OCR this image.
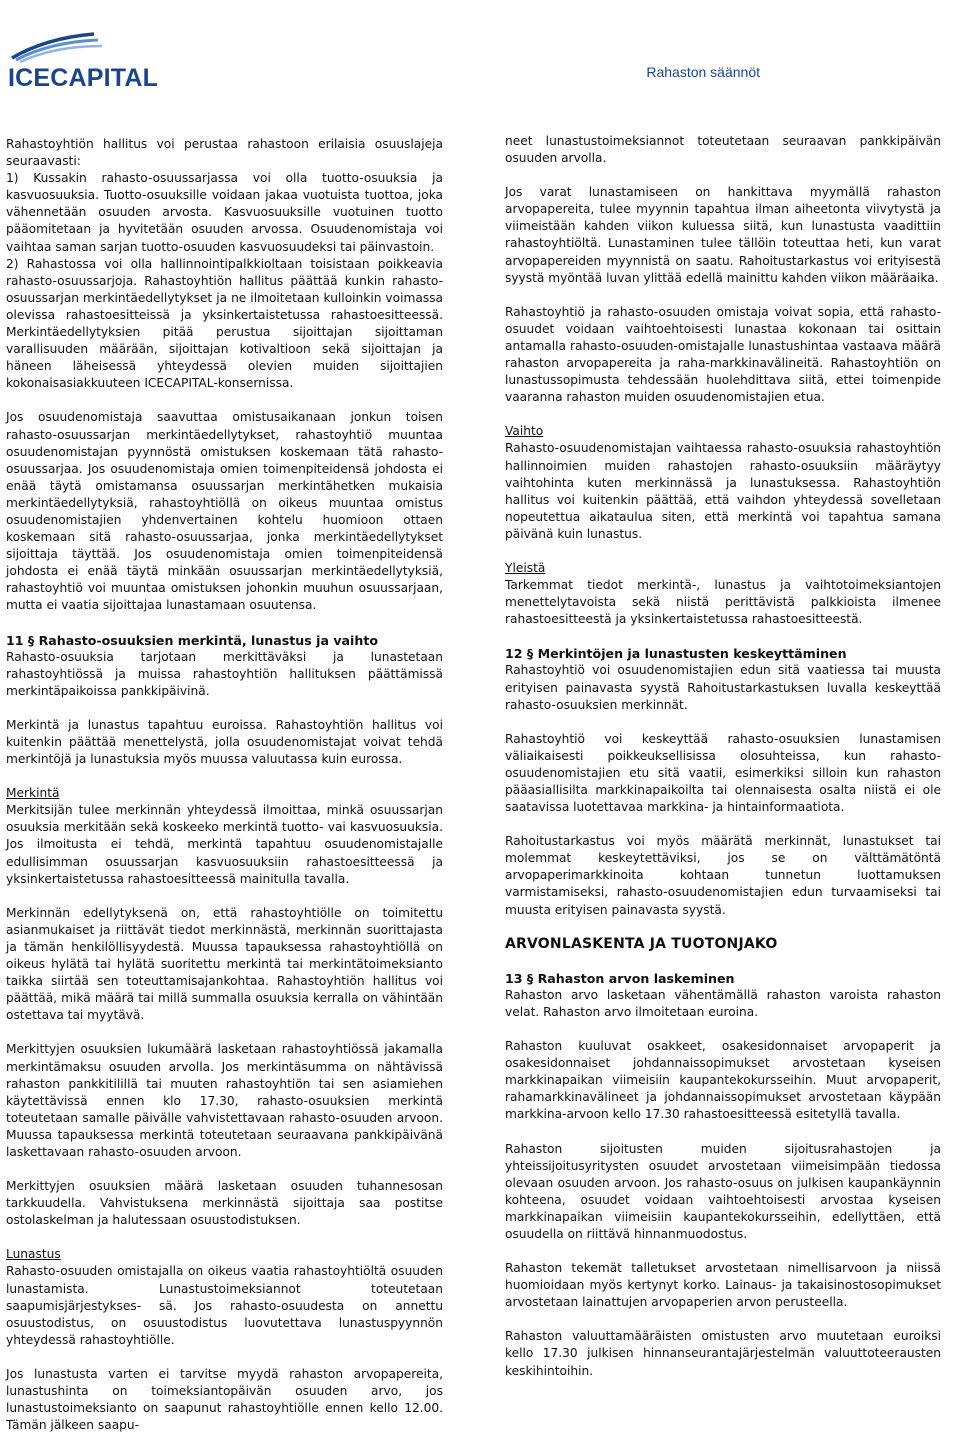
ICECAPITAL	Rahaston säännöt

Rahastoyhtiön hallitus voi perustaa rahastoon erilaisia osuuslajeja seuraavasti:

1) Kussakin rahasto-osuussarjassa voi olla tuotto-osuuksia ja kasvuosuuksia. Tuotto-osuuksille voidaan jakaa vuotuista tuottoa, joka vähennetään osuuden arvosta. Kasvuosuuksille vuotuinen tuotto pääomitetaan ja hyvitetään osuuden arvossa. Osuudenomistaja voi vaihtaa saman sarjan tuotto-osuuden kasvuosuudeksi tai päinvastoin.

2) Rahastossa voi olla hallinnointipalkkioltaan toisistaan poikkeavia rahasto-osuussarjoja. Rahastoyhtiön hallitus päättää kunkin rahasto-osuussarjan merkintäedellytykset ja ne ilmoitetaan kulloinkin voimassa olevissa rahastoesitteissä ja yksinkertaistetussa rahastoesitteessä. Merkintäedellytyksien pitää perustua sijoittajan sijoittaman varallisuuden määrään, sijoittajan kotivaltioon sekä sijoittajan ja häneen läheisessä yhteydessä olevien muiden sijoittajien kokonaisasiakkuuteen ICECAPITAL-konsernissa.

Jos osuudenomistaja saavuttaa omistusaikanaan jonkun toisen rahasto-osuussarjan merkintäedellytykset, rahastoyhtiö muuntaa osuudenomistajan pyynnöstä omistuksen koskemaan tätä rahasto-osuussarjaa. Jos osuudenomistaja omien toimenpiteidensä johdosta ei enää täytä omistamansa osuussarjan merkintähetken mukaisia merkintäedellytyksiä, rahastoyhtiöllä on oikeus muuntaa omistus osuudenomistajien yhdenvertainen kohtelu huomioon ottaen koskemaan sitä rahasto-osuussarjaa, jonka merkintäedellytykset sijoittaja täyttää. Jos osuudenomistaja omien toimenpiteidensä johdosta ei enää täytä minkään osuussarjan merkintäedellytyksiä, rahastoyhtiö voi muuntaa omistuksen johonkin muuhun osuussarjaan, mutta ei vaatia sijoittajaa lunastamaan osuutensa.

11 § Rahasto-osuuksien merkintä, lunastus ja vaihto

Rahasto-osuuksia tarjotaan merkittäväksi ja lunastetaan rahastoyhtiössä ja muissa rahastoyhtiön hallituksen päättämissä merkintäpaikoissa pankkipäivinä.

Merkintä ja lunastus tapahtuu euroissa. Rahastoyhtiön hallitus voi kuitenkin päättää menettelystä, jolla osuudenomistajat voivat tehdä merkintöjä ja lunastuksia myös muussa valuutassa kuin eurossa.

Merkintä

Merkitsijän tulee merkinnän yhteydessä ilmoittaa, minkä osuussarjan osuuksia merkitään sekä koskeeko merkintä tuotto- vai kasvuosuuksia. Jos ilmoitusta ei tehdä, merkintä tapahtuu osuudenomistajalle edullisimman osuussarjan kasvuosuuksiin rahastoesitteessä ja yksinkertaistetussa rahastoesitteessä mainitulla tavalla.

Merkinnän edellytyksenä on, että rahastoyhtiölle on toimitettu asianmukaiset ja riittävät tiedot merkinnästä, merkinnän suorittajasta ja tämän henkilöllisyydestä. Muussa tapauksessa rahastoyhtiöllä on oikeus hylätä tai hylätä suoritettu merkintä tai merkintätoimeksianto taikka siirtää sen toteuttamisajankohtaa. Rahastoyhtiön hallitus voi päättää, mikä määrä tai millä summalla osuuksia kerralla on vähintään ostettava tai myytävä.

Merkittyjen osuuksien lukumäärä lasketaan rahastoyhtiössä jakamalla merkintämaksu osuuden arvolla. Jos merkintäsumma on nähtävissä rahaston pankkitilillä tai muuten rahastoyhtiön tai sen asiamiehen käytettävissä ennen klo 17.30, rahasto-osuuksien merkintä toteutetaan samalle päivälle vahvistettavaan rahasto-osuuden arvoon. Muussa tapauksessa merkintä toteutetaan seuraavana pankkipäivänä laskettavaan rahasto-osuuden arvoon.

Merkittyjen osuuksien määrä lasketaan osuuden tuhannesosan tarkkuudella. Vahvistuksena merkinnästä sijoittaja saa postitse ostolaskelman ja halutessaan osuustodistuksen.

Lunastus

Rahasto-osuuden omistajalla on oikeus vaatia rahastoyhtiöltä osuuden lunastamista. Lunastustoimeksiannot toteutetaan saapumisjärjestykses- sä. Jos rahasto-osuudesta on annettu osuustodistus, on osuustodistus luovutettava lunastuspyynnön yhteydessä rahastoyhtiölle.

Jos lunastusta varten ei tarvitse myydä rahaston arvopapereita, lunastushinta on toimeksiantopäivän osuuden arvo, jos lunastustoimeksianto on saapunut rahastoyhtiölle ennen kello 12.00. Tämän jälkeen saapu-

neet lunastustoimeksiannot toteutetaan seuraavan pankkipäivän osuuden arvolla.

Jos varat lunastamiseen on hankittava myymällä rahaston arvopapereita, tulee myynnin tapahtua ilman aiheetonta viivytystä ja viimeistään kahden viikon kuluessa siitä, kun lunastusta vaadittiin rahastoyhtiöltä. Lunastaminen tulee tällöin toteuttaa heti, kun varat arvopapereiden myynnistä on saatu. Rahoitustarkastus voi erityisestä syystä myöntää luvan ylittää edellä mainittu kahden viikon määräaika.

Rahastoyhtiö ja rahasto-osuuden omistaja voivat sopia, että rahasto-osuudet voidaan vaihtoehtoisesti lunastaa kokonaan tai osittain antamalla rahasto-osuuden-omistajalle lunastushintaa vastaava määrä rahaston arvopapereita ja raha-markkinavälineitä. Rahastoyhtiön on lunastussopimusta tehdessään huolehdittava siitä, ettei toimenpide vaaranna rahaston muiden osuudenomistajien etua.

Vaihto

Rahasto-osuudenomistajan vaihtaessa rahasto-osuuksia rahastoyhtiön hallinnoimien muiden rahastojen rahasto-osuuksiin määräytyy vaihtohinta kuten merkinnässä ja lunastuksessa. Rahastoyhtiön hallitus voi kuitenkin päättää, että vaihdon yhteydessä sovelletaan nopeutettua aikataulua siten, että merkintä voi tapahtua samana päivänä kuin lunastus.

Yleistä

Tarkemmat tiedot merkintä-, lunastus ja vaihtotoimeksiantojen menettelytavoista sekä niistä perittävistä palkkioista ilmenee rahastoesitteestä ja yksinkertaistetussa rahastoesitteestä.

12 § Merkintöjen ja lunastusten keskeyttäminen

Rahastoyhtiö voi osuudenomistajien edun sitä vaatiessa tai muusta erityisen painavasta syystä Rahoitustarkastuksen luvalla keskeyttää rahasto-osuuksien merkinnät.

Rahastoyhtiö voi keskeyttää rahasto-osuuksien lunastamisen väliaikaisesti poikkeuksellisissa olosuhteissa, kun rahasto-osuudenomistajien etu sitä vaatii, esimerkiksi silloin kun rahaston pääasiallisilta markkinapaikoilta tai olennaisesta osalta niistä ei ole saatavissa luotettavaa markkina- ja hintainformaatiota.

Rahoitustarkastus voi myös määrätä merkinnät, lunastukset tai molemmat keskeytettäviksi, jos se on välttämätöntä arvopaperimarkkinoita kohtaan tunnetun luottamuksen varmistamiseksi, rahasto-osuudenomistajien edun turvaamiseksi tai muusta erityisen painavasta syystä.

ARVONLASKENTA JA TUOTONJAKO

13 § Rahaston arvon laskeminen

Rahaston arvo lasketaan vähentämällä rahaston varoista rahaston velat. Rahaston arvo ilmoitetaan euroina.

Rahaston kuuluvat osakkeet, osakesidonnaiset arvopaperit ja osakesidonnaiset johdannaissopimukset arvostetaan kyseisen markkinapaikan viimeisiin kaupantekokursseihin. Muut arvopaperit, rahamarkkinavälineet ja johdannaissopimukset arvostetaan käypään markkina-arvoon kello 17.30 rahastoesitteessä esitetyllä tavalla.

Rahaston sijoitusten muiden sijoitusrahastojen ja yhteissijoitusyritysten osuudet arvostetaan viimeisimpään tiedossa olevaan osuuden arvoon. Jos rahasto-osuus on julkisen kaupankäynnin kohteena, osuudet voidaan vaihtoehtoisesti arvostaa kyseisen markkinapaikan viimeisiin kaupantekokursseihin, edellyttäen, että osuudella on riittävä hinnanmuodostus.

Rahaston tekemät talletukset arvostetaan nimellisarvoon ja niissä huomioidaan myös kertynyt korko. Lainaus- ja takaisinostosopimukset arvostetaan lainattujen arvopaperien arvon perusteella.

Rahaston valuuttamääräisten omistusten arvo muutetaan euroiksi kello 17.30 julkisen hinnanseurantajärjestelmän valuuttoteerausten keskihintoihin.
